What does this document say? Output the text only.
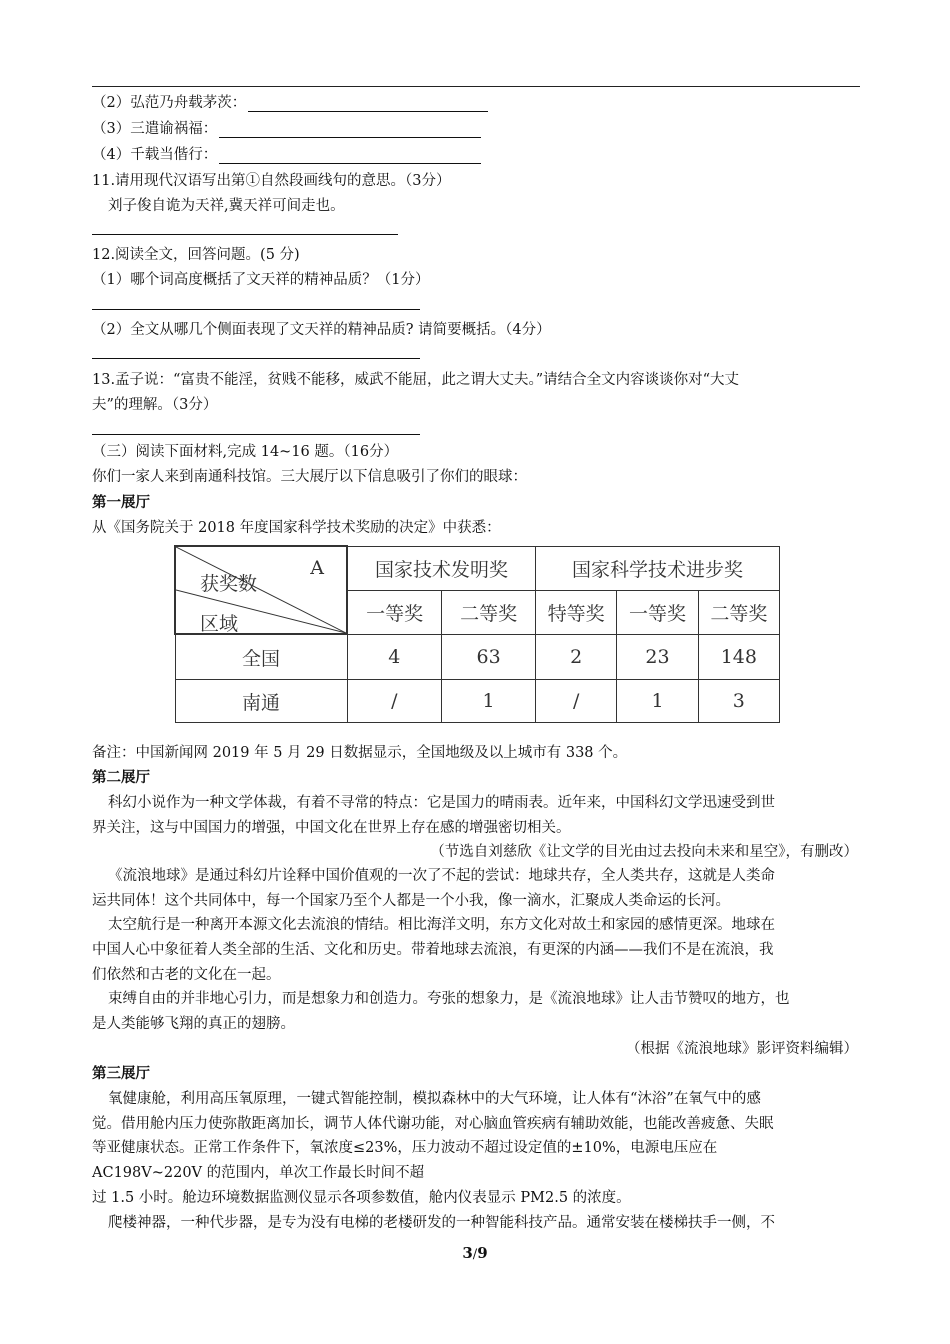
（2）弘范乃舟载茅茨：
（3）三遣谕祸福：
（4）千载当偕行：
11.请用现代汉语写出第①自然段画线句的意思。（3分）
刘子俊自诡为天祥,冀天祥可间走也。
12.阅读全文，回答问题。(5 分)
（1）哪个词高度概括了文天祥的精神品质？（1分）
（2）全文从哪几个侧面表现了文天祥的精神品质? 请简要概括。（4分）
13.孟子说：“富贵不能淫，贫贱不能移，威武不能屈，此之谓大丈夫。”请结合全文内容谈谈你对“大丈
夫”的理解。（3分）
（三）阅读下面材料,完成 14~16 题。（16分）
你们一家人来到南通科技馆。三大展厅以下信息吸引了你们的眼球：
第一展厅
从《国务院关于 2018 年度国家科学技术奖励的决定》中获悉：
A
获奖数
区域	国家技术发明奖		国家科学技术进步奖		
	一等奖	二等奖	特等奖	一等奖	二等奖
全国	4	63	2	23	148
南通	/	1	/	1	3
备注：中国新闻网 2019 年 5 月 29 日数据显示，全国地级及以上城市有 338 个。
第二展厅
科幻小说作为一种文学体裁，有着不寻常的特点：它是国力的晴雨表。近年来，中国科幻文学迅速受到世
界关注，这与中国国力的增强，中国文化在世界上存在感的增强密切相关。
（节选自刘慈欣《让文学的目光由过去投向未来和星空》，有删改）
《流浪地球》是通过科幻片诠释中国价值观的一次了不起的尝试：地球共存，全人类共存，这就是人类命
运共同体！这个共同体中，每一个国家乃至个人都是一个小我，像一滴水，汇聚成人类命运的长河。
太空航行是一种离开本源文化去流浪的情结。相比海洋文明，东方文化对故土和家园的感情更深。地球在
中国人心中象征着人类全部的生活、文化和历史。带着地球去流浪，有更深的内涵——我们不是在流浪，我
们依然和古老的文化在一起。
束缚自由的并非地心引力，而是想象力和创造力。夸张的想象力，是《流浪地球》让人击节赞叹的地方，也
是人类能够飞翔的真正的翅膀。
（根据《流浪地球》影评资料编辑）
第三展厅
氧健康舱，利用高压氧原理，一键式智能控制，模拟森林中的大气环境，让人体有“沐浴”在氧气中的感
觉。借用舱内压力使弥散距离加长，调节人体代谢功能，对心脑血管疾病有辅助效能，也能改善疲惫、失眠
等亚健康状态。正常工作条件下，氧浓度≤23%，压力波动不超过设定值的±10%，电源电压应在
AC198V~220V 的范围内，单次工作最长时间不超
过 1.5 小时。舱边环境数据监测仪显示各项参数值，舱内仪表显示 PM2.5 的浓度。
爬楼神器，一种代步器，是专为没有电梯的老楼研发的一种智能科技产品。通常安装在楼梯扶手一侧，不
3/9
